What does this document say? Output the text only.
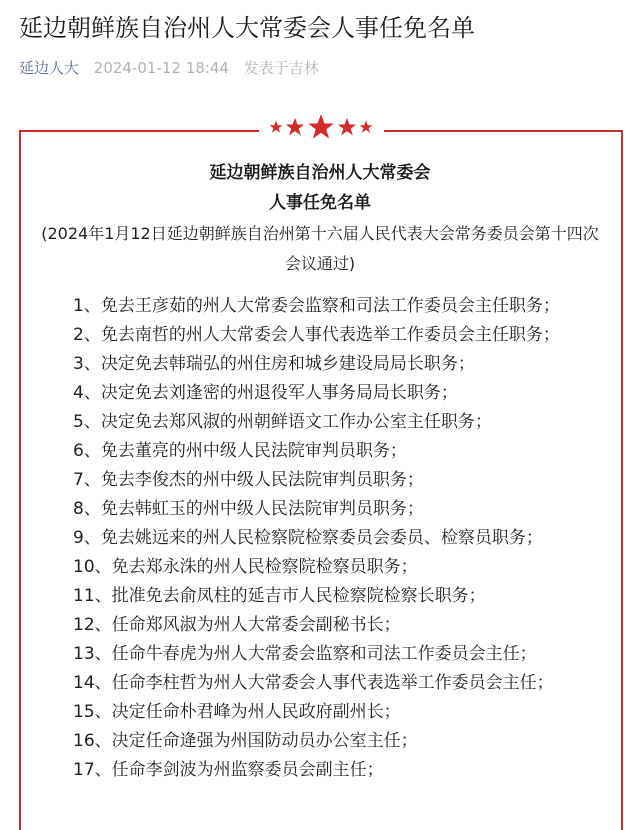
延边朝鲜族自治州人大常委会人事任免名单
延边人大 2024-01-12 18:44 发表于吉林
延边朝鲜族自治州人大常委会
人事任免名单
(2024年1月12日延边朝鲜族自治州第十六届人民代表大会常务委员会第十四次会议通过)
1、免去王彦茹的州人大常委会监察和司法工作委员会主任职务；
2、免去南哲的州人大常委会人事代表选举工作委员会主任职务；
3、决定免去韩瑞弘的州住房和城乡建设局局长职务；
4、决定免去刘逢密的州退役军人事务局局长职务；
5、决定免去郑风淑的州朝鲜语文工作办公室主任职务；
6、免去董亮的州中级人民法院审判员职务；
7、免去李俊杰的州中级人民法院审判员职务；
8、免去韩虹玉的州中级人民法院审判员职务；
9、免去姚远来的州人民检察院检察委员会委员、检察员职务；
10、免去郑永洙的州人民检察院检察员职务；
11、批准免去俞凤柱的延吉市人民检察院检察长职务；
12、任命郑风淑为州人大常委会副秘书长；
13、任命牛春虎为州人大常委会监察和司法工作委员会主任；
14、任命李柱哲为州人大常委会人事代表选举工作委员会主任；
15、决定任命朴君峰为州人民政府副州长；
16、决定任命逄强为州国防动员办公室主任；
17、任命李剑波为州监察委员会副主任；
